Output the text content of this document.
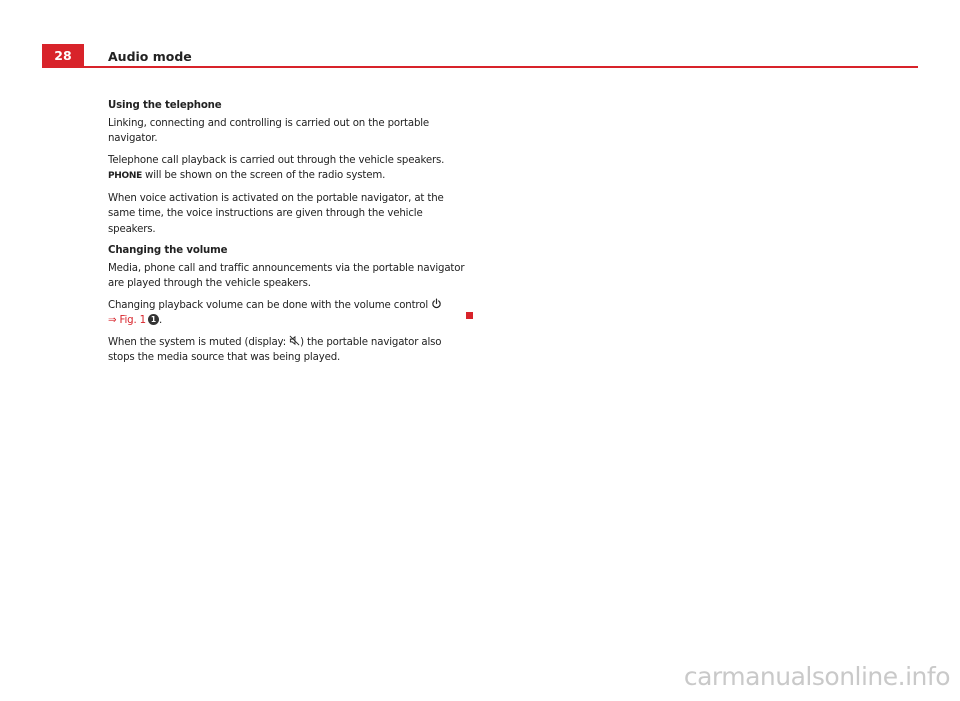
28	Audio mode

Using the telephone

Linking, connecting and controlling is carried out on the portable navigator.

Telephone call playback is carried out through the vehicle speakers. PHONE will be shown on the screen of the radio system.

When voice activation is activated on the portable navigator, at the same time, the voice instructions are given through the vehicle speakers.

Changing the volume

Media, phone call and traffic announcements via the portable navigator are played through the vehicle speakers.

Changing playback volume can be done with the volume control
⇒ Fig. 1 1 .

When the system is muted (display: ) the portable navigator also stops the media source that was being played.

carmanualsonline.info
